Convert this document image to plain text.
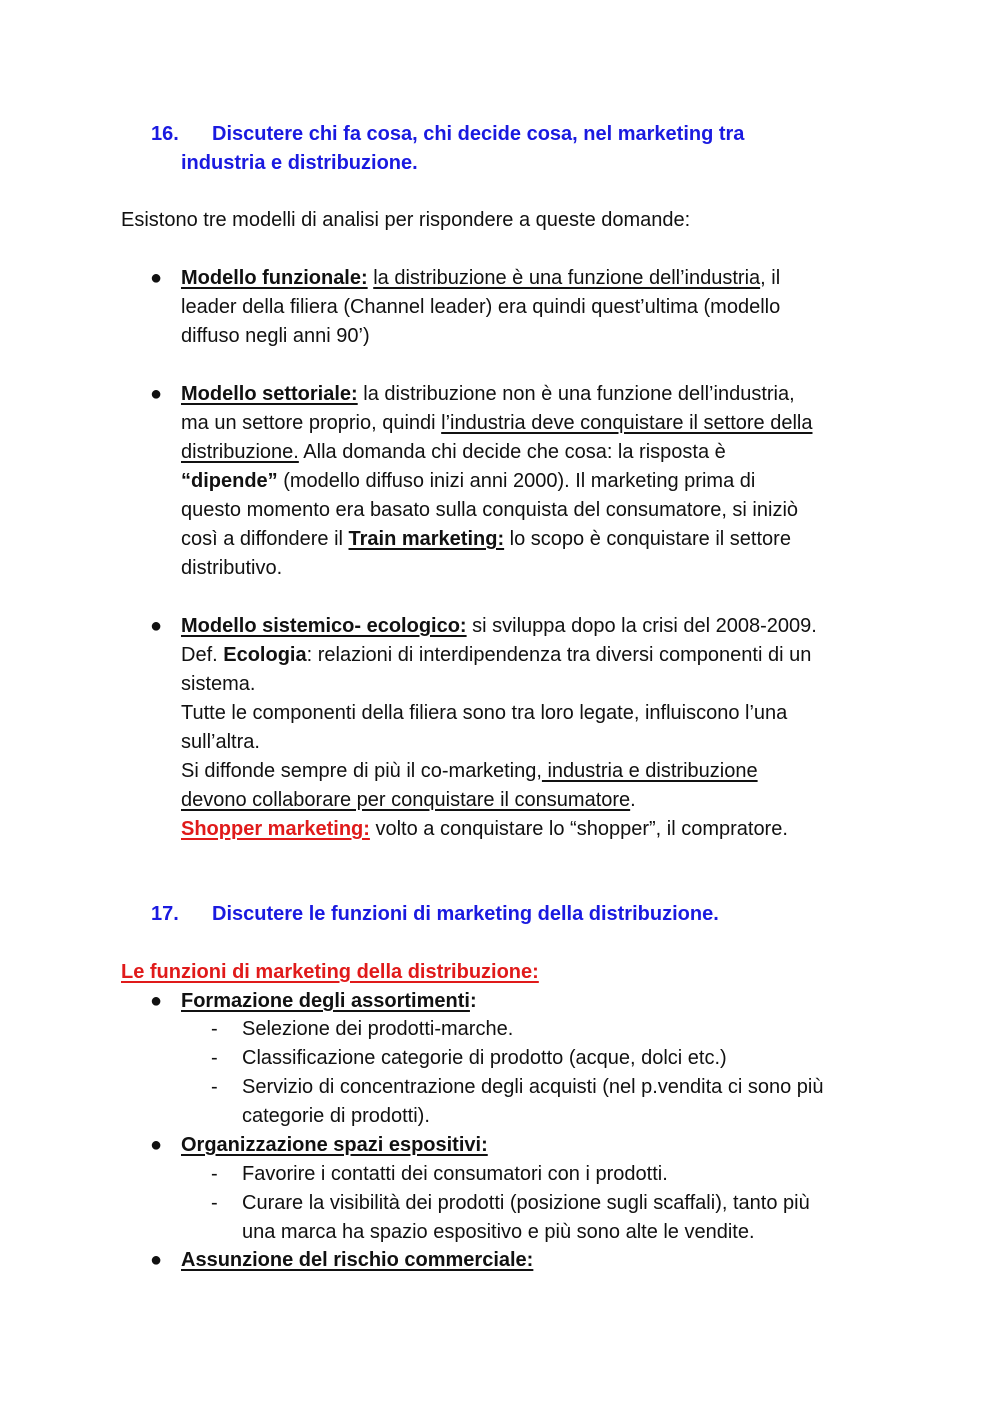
16. Discutere chi fa cosa, chi decide cosa, nel marketing tra
industria e distribuzione.
Esistono tre modelli di analisi per rispondere a queste domande:
● Modello funzionale: la distribuzione è una funzione dell’industria, il
leader della filiera (Channel leader) era quindi quest’ultima (modello
diffuso negli anni 90’)
● Modello settoriale: la distribuzione non è una funzione dell’industria,
ma un settore proprio, quindi l’industria deve conquistare il settore della
distribuzione. Alla domanda chi decide che cosa: la risposta è
“dipende” (modello diffuso inizi anni 2000). Il marketing prima di
questo momento era basato sulla conquista del consumatore, si iniziò
così a diffondere il Train marketing: lo scopo è conquistare il settore
distributivo.
● Modello sistemico- ecologico: si sviluppa dopo la crisi del 2008-2009.
Def. Ecologia: relazioni di interdipendenza tra diversi componenti di un
sistema.
Tutte le componenti della filiera sono tra loro legate, influiscono l’una
sull’altra.
Si diffonde sempre di più il co-marketing, industria e distribuzione
devono collaborare per conquistare il consumatore.
Shopper marketing: volto a conquistare lo “shopper”, il compratore.
17. Discutere le funzioni di marketing della distribuzione.
Le funzioni di marketing della distribuzione:
● Formazione degli assortimenti:
- Selezione dei prodotti-marche.
- Classificazione categorie di prodotto (acque, dolci etc.)
- Servizio di concentrazione degli acquisti (nel p.vendita ci sono più
categorie di prodotti).
● Organizzazione spazi espositivi:
- Favorire i contatti dei consumatori con i prodotti.
- Curare la visibilità dei prodotti (posizione sugli scaffali), tanto più
una marca ha spazio espositivo e più sono alte le vendite.
● Assunzione del rischio commerciale:
